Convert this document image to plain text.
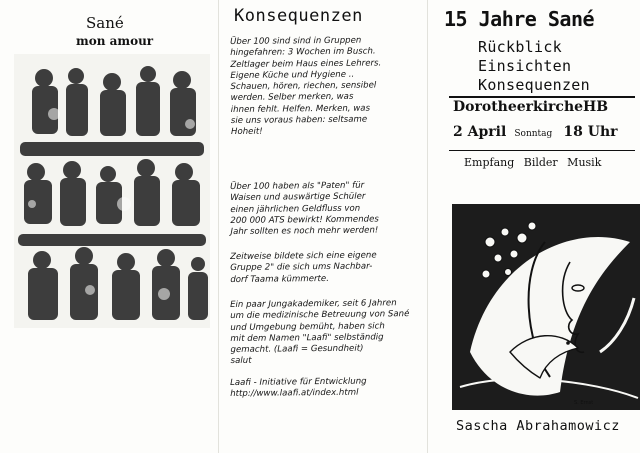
Sané
mon amour
Konsequenzen
Über 100 sind sind in Gruppen
hingefahren: 3 Wochen im Busch.
Zeltlager beim Haus eines Lehrers.
Eigene Küche und Hygiene ..
Schauen, hören, riechen, sensibel
werden. Selber merken, was
ihnen fehlt. Helfen. Merken, was
sie uns voraus haben: seltsame
Hoheit!
Über 100 haben als "Paten" für
Waisen und auswärtige Schüler
einen jährlichen Geldfluss von
200 000 ATS bewirkt! Kommendes
Jahr sollten es noch mehr werden!
Zeitweise bildete sich eine eigene
Gruppe 2" die sich ums Nachbar-
dorf Taama kümmerte.
Ein paar Jungakademiker, seit 6 Jahren
um die medizinische Betreuung von Sané
und Umgebung bemüht, haben sich
mit dem Namen "Laafi" selbständig
gemacht. (Laafi = Gesundheit)
salut
Laafi - Initiative für Entwicklung
http://www.laafi.at/index.html
15 Jahre Sané
Rückblick
Einsichten
Konsequenzen
DorotheerkircheHB
2 April Sonntag 18 Uhr
Empfang Bilder Musik
Sascha Abrahamowicz
S. Ernst
